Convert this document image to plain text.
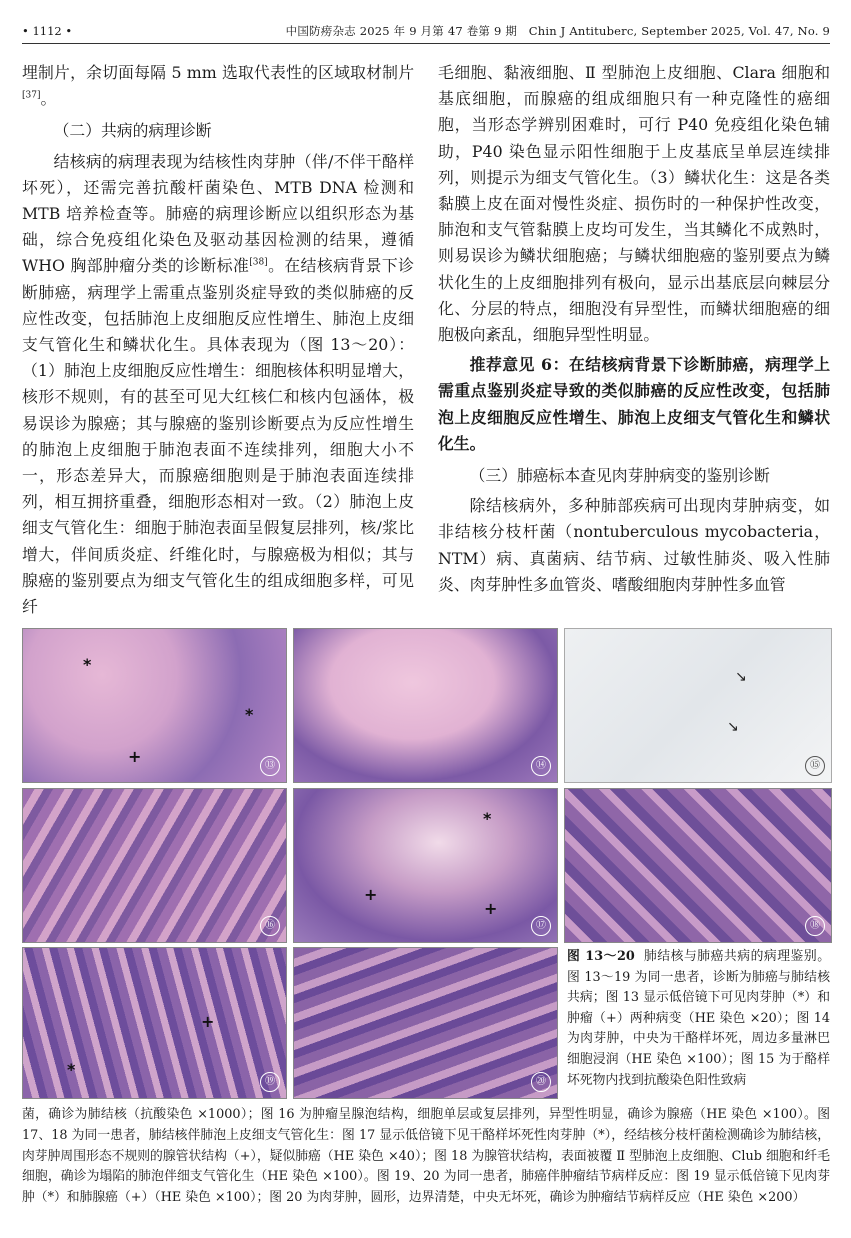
• 1112 •	中国防痨杂志 2025 年 9 月第 47 卷第 9 期　Chin J Antituberc, September 2025, Vol. 47, No. 9

埋制片，余切面每隔 5 mm 选取代表性的区域取材制片[37]。

（二）共病的病理诊断

结核病的病理表现为结核性肉芽肿（伴/不伴干酪样坏死），还需完善抗酸杆菌染色、MTB DNA 检测和 MTB 培养检查等。肺癌的病理诊断应以组织形态为基础，综合免疫组化染色及驱动基因检测的结果，遵循 WHO 胸部肿瘤分类的诊断标准[38]。在结核病背景下诊断肺癌，病理学上需重点鉴别炎症导致的类似肺癌的反应性改变，包括肺泡上皮细胞反应性增生、肺泡上皮细支气管化生和鳞状化生。具体表现为（图 13～20）：（1）肺泡上皮细胞反应性增生：细胞核体积明显增大，核形不规则，有的甚至可见大红核仁和核内包涵体，极易误诊为腺癌；其与腺癌的鉴别诊断要点为反应性增生的肺泡上皮细胞于肺泡表面不连续排列，细胞大小不一，形态差异大，而腺癌细胞则是于肺泡表面连续排列，相互拥挤重叠，细胞形态相对一致。（2）肺泡上皮细支气管化生：细胞于肺泡表面呈假复层排列，核/浆比增大，伴间质炎症、纤维化时，与腺癌极为相似；其与腺癌的鉴别要点为细支气管化生的组成细胞多样，可见纤

毛细胞、黏液细胞、Ⅱ 型肺泡上皮细胞、Clara 细胞和基底细胞，而腺癌的组成细胞只有一种克隆性的癌细胞，当形态学辨别困难时，可行 P40 免疫组化染色辅助，P40 染色显示阳性细胞于上皮基底呈单层连续排列，则提示为细支气管化生。（3）鳞状化生：这是各类黏膜上皮在面对慢性炎症、损伤时的一种保护性改变，肺泡和支气管黏膜上皮均可发生，当其鳞化不成熟时，则易误诊为鳞状细胞癌；与鳞状细胞癌的鉴别要点为鳞状化生的上皮细胞排列有极向，显示出基底层向棘层分化、分层的特点，细胞没有异型性，而鳞状细胞癌的细胞极向紊乱，细胞异型性明显。

推荐意见 6：在结核病背景下诊断肺癌，病理学上需重点鉴别炎症导致的类似肺癌的反应性改变，包括肺泡上皮细胞反应性增生、肺泡上皮细支气管化生和鳞状化生。

（三）肺癌标本查见肉芽肿病变的鉴别诊断

除结核病外，多种肺部疾病可出现肉芽肿病变，如非结核分枝杆菌（nontuberculous mycobacteria，NTM）病、真菌病、结节病、过敏性肺炎、吸入性肺炎、肉芽肿性多血管炎、嗜酸细胞肉芽肿性多血管

*
*
+	⑬	⑭
↘
↘
⑮
⑯
*
+
+
⑰	⑱
*
+
⑲	⑳
图 13～20 肺结核与肺癌共病的病理鉴别。图 13～19 为同一患者，诊断为肺癌与肺结核共病；图 13 显示低倍镜下可见肉芽肿（*）和肿瘤（+）两种病变（HE 染色 ×20）；图 14 为肉芽肿，中央为干酪样坏死，周边多量淋巴细胞浸润（HE 染色 ×100）；图 15 为于酪样坏死物内找到抗酸染色阳性致病
菌，确诊为肺结核（抗酸染色 ×1000）；图 16 为肿瘤呈腺泡结构，细胞单层或复层排列，异型性明显，确诊为腺癌（HE 染色 ×100）。图 17、18 为同一患者，肺结核伴肺泡上皮细支气管化生：图 17 显示低倍镜下见干酪样坏死性肉芽肿（*），经结核分枝杆菌检测确诊为肺结核，肉芽肿周围形态不规则的腺管状结构（+），疑似肺癌（HE 染色 ×40）；图 18 为腺管状结构，表面被覆 Ⅱ 型肺泡上皮细胞、Club 细胞和纤毛细胞，确诊为塌陷的肺泡伴细支气管化生（HE 染色 ×100）。图 19、20 为同一患者，肺癌伴肿瘤结节病样反应：图 19 显示低倍镜下见肉芽肿（*）和肺腺癌（+）（HE 染色 ×100）；图 20 为肉芽肿，圆形，边界清楚，中央无坏死，确诊为肿瘤结节病样反应（HE 染色 ×200）
